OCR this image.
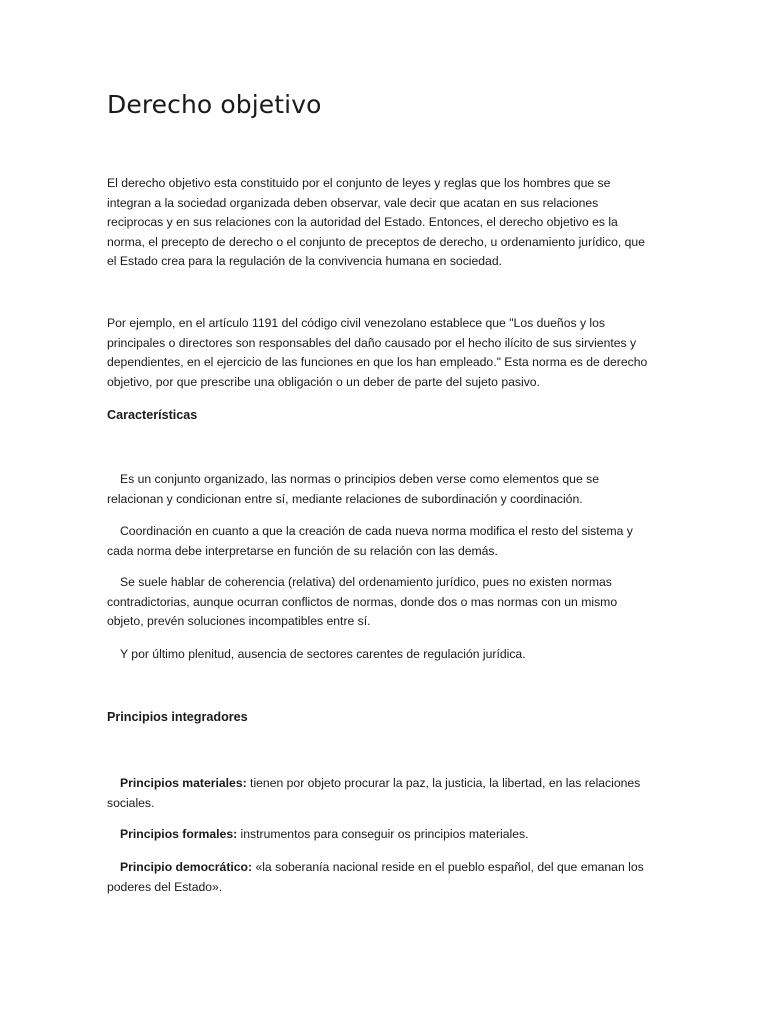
Derecho objetivo

El derecho objetivo esta constituido por el conjunto de leyes y reglas que los hombres que se integran a la sociedad organizada deben observar, vale decir que acatan en sus relaciones reciprocas y en sus relaciones con la autoridad del Estado. Entonces, el derecho objetivo es la norma, el precepto de derecho o el conjunto de preceptos de derecho, u ordenamiento jurídico, que el Estado crea para la regulación de la convivencia humana en sociedad.

Por ejemplo, en el artículo 1191 del código civil venezolano establece que "Los dueños y los principales o directores son responsables del daño causado por el hecho ilícito de sus sirvientes y dependientes, en el ejercicio de las funciones en que los han empleado." Esta norma es de derecho objetivo, por que prescribe una obligación o un deber de parte del sujeto pasivo.

Características

Es un conjunto organizado, las normas o principios deben verse como elementos que se relacionan y condicionan entre sí, mediante relaciones de subordinación y coordinación.

Coordinación en cuanto a que la creación de cada nueva norma modifica el resto del sistema y cada norma debe interpretarse en función de su relación con las demás.

Se suele hablar de coherencia (relativa) del ordenamiento jurídico, pues no existen normas contradictorias, aunque ocurran conflictos de normas, donde dos o mas normas con un mismo objeto, prevén soluciones incompatibles entre sí.

Y por último plenitud, ausencia de sectores carentes de regulación jurídica.

Principios integradores

Principios materiales: tienen por objeto procurar la paz, la justicia, la libertad, en las relaciones sociales.

Principios formales: instrumentos para conseguir os principios materiales.

Principio democrático: «la soberanía nacional reside en el pueblo español, del que emanan los poderes del Estado».
